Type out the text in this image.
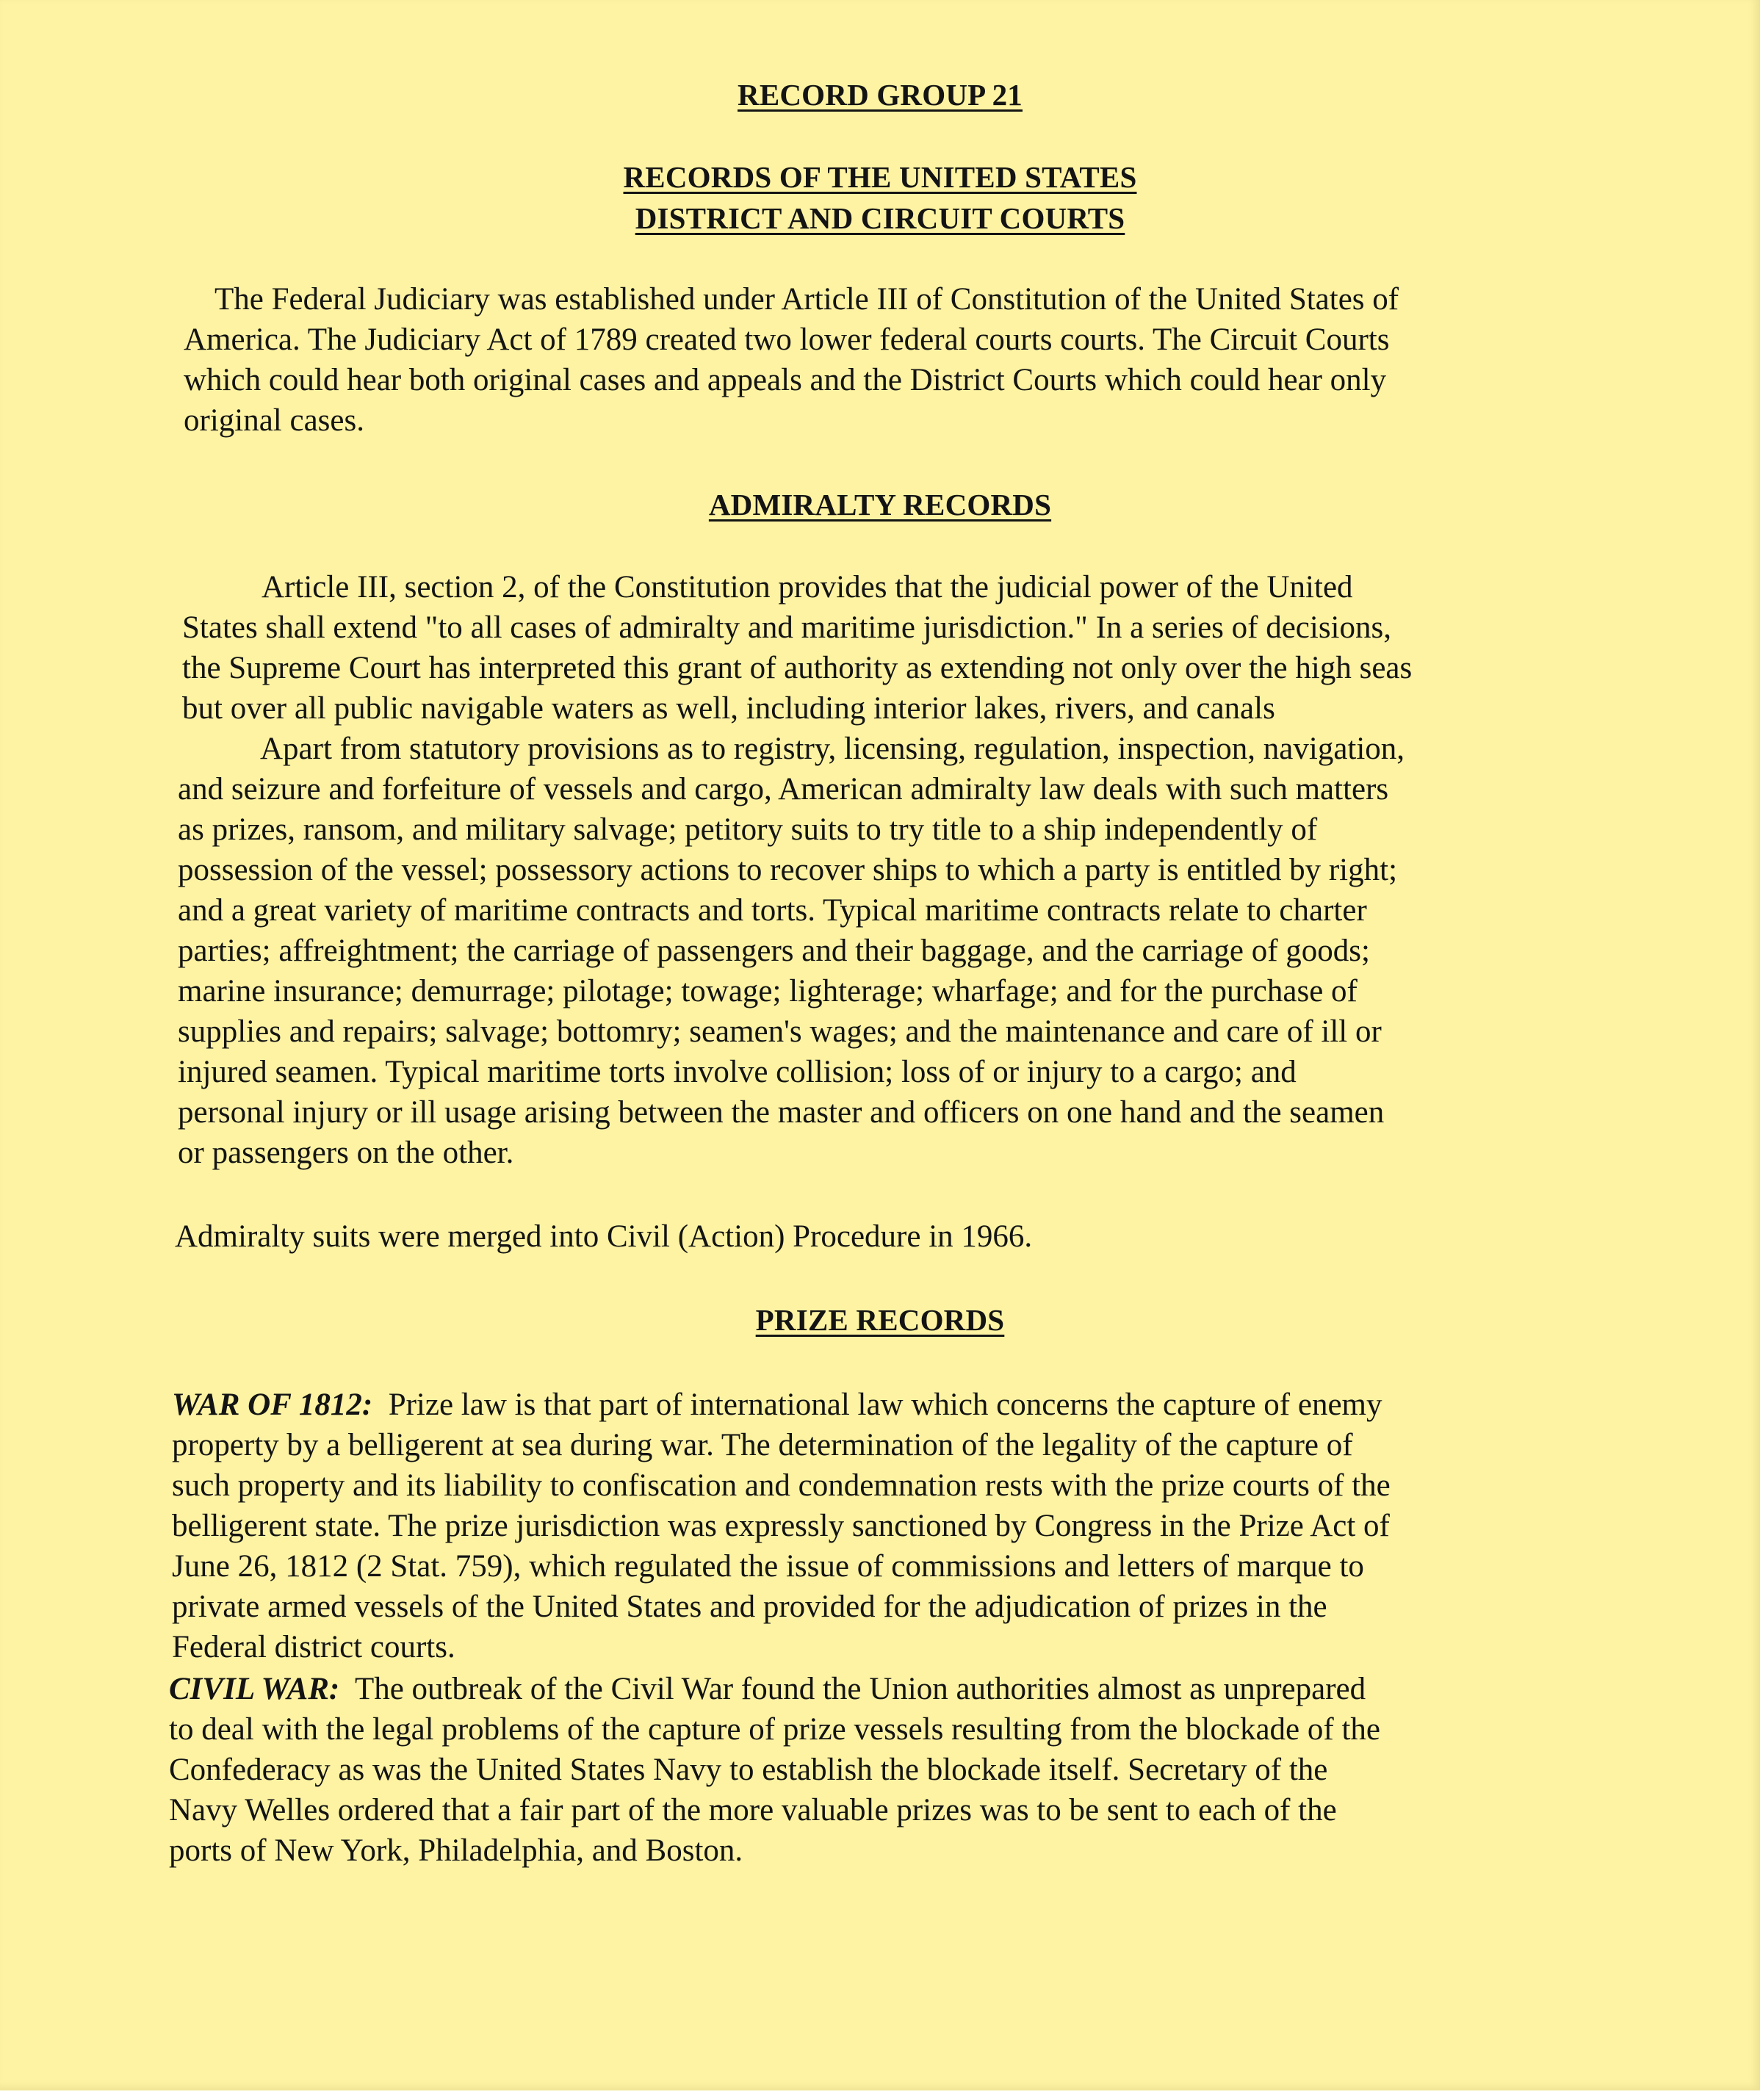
RECORD GROUP 21
RECORDS OF THE UNITED STATES
DISTRICT AND CIRCUIT COURTS
The Federal Judiciary was established under Article III of Constitution of the United States of
America. The Judiciary Act of 1789 created two lower federal courts courts. The Circuit Courts
which could hear both original cases and appeals and the District Courts which could hear only
original cases.
ADMIRALTY RECORDS
Article III, section 2, of the Constitution provides that the judicial power of the United
States shall extend "to all cases of admiralty and maritime jurisdiction." In a series of decisions,
the Supreme Court has interpreted this grant of authority as extending not only over the high seas
but over all public navigable waters as well, including interior lakes, rivers, and canals
Apart from statutory provisions as to registry, licensing, regulation, inspection, navigation,
and seizure and forfeiture of vessels and cargo, American admiralty law deals with such matters
as prizes, ransom, and military salvage; petitory suits to try title to a ship independently of
possession of the vessel; possessory actions to recover ships to which a party is entitled by right;
and a great variety of maritime contracts and torts. Typical maritime contracts relate to charter
parties; affreightment; the carriage of passengers and their baggage, and the carriage of goods;
marine insurance; demurrage; pilotage; towage; lighterage; wharfage; and for the purchase of
supplies and repairs; salvage; bottomry; seamen's wages; and the maintenance and care of ill or
injured seamen. Typical maritime torts involve collision; loss of or injury to a cargo; and
personal injury or ill usage arising between the master and officers on one hand and the seamen
or passengers on the other.
Admiralty suits were merged into Civil (Action) Procedure in 1966.
PRIZE RECORDS
WAR OF 1812: Prize law is that part of international law which concerns the capture of enemy
property by a belligerent at sea during war. The determination of the legality of the capture of
such property and its liability to confiscation and condemnation rests with the prize courts of the
belligerent state. The prize jurisdiction was expressly sanctioned by Congress in the Prize Act of
June 26, 1812 (2 Stat. 759), which regulated the issue of commissions and letters of marque to
private armed vessels of the United States and provided for the adjudication of prizes in the
Federal district courts.
CIVIL WAR: The outbreak of the Civil War found the Union authorities almost as unprepared
to deal with the legal problems of the capture of prize vessels resulting from the blockade of the
Confederacy as was the United States Navy to establish the blockade itself. Secretary of the
Navy Welles ordered that a fair part of the more valuable prizes was to be sent to each of the
ports of New York, Philadelphia, and Boston.
